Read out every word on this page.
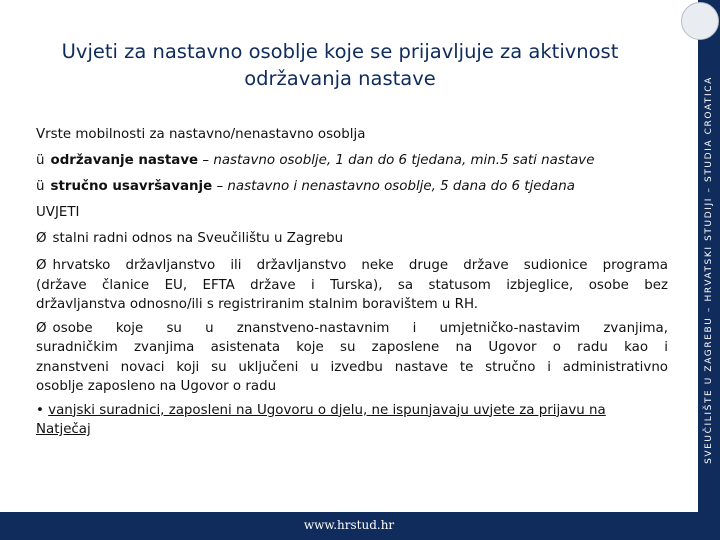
Uvjeti za nastavno osoblje koje se prijavljuje za aktivnost
održavanja nastave
Vrste mobilnosti za nastavno/nenastavno osoblja
ü održavanje nastave – nastavno osoblje, 1 dan do 6 tjedana, min.5 sati nastave
ü stručno usavršavanje – nastavno i nenastavno osoblje, 5 dana do 6 tjedana
UVJETI
Ø stalni radni odnos na Sveučilištu u Zagrebu
Ø hrvatsko državljanstvo ili državljanstvo neke druge države sudionice programa
(države članice EU, EFTA države i Turska), sa statusom izbjeglice, osobe bez
državljanstva odnosno/ili s registriranim stalnim boravištem u RH.
Ø osobe koje su u znanstveno-nastavnim i umjetničko-nastavim zvanjima,
suradničkim zvanjima asistenata koje su zaposlene na Ugovor o radu kao i
znanstveni novaci koji su uključeni u izvedbu nastave te stručno i administrativno
osoblje zaposleno na Ugovor o radu
• vanjski suradnici, zaposleni na Ugovoru o djelu, ne ispunjavaju uvjete za prijavu na
Natječaj	SVEUČILIŠTE U ZAGREBU – HRVATSKI STUDIJI – STUDIA CROATICA
www.hrstud.hr
